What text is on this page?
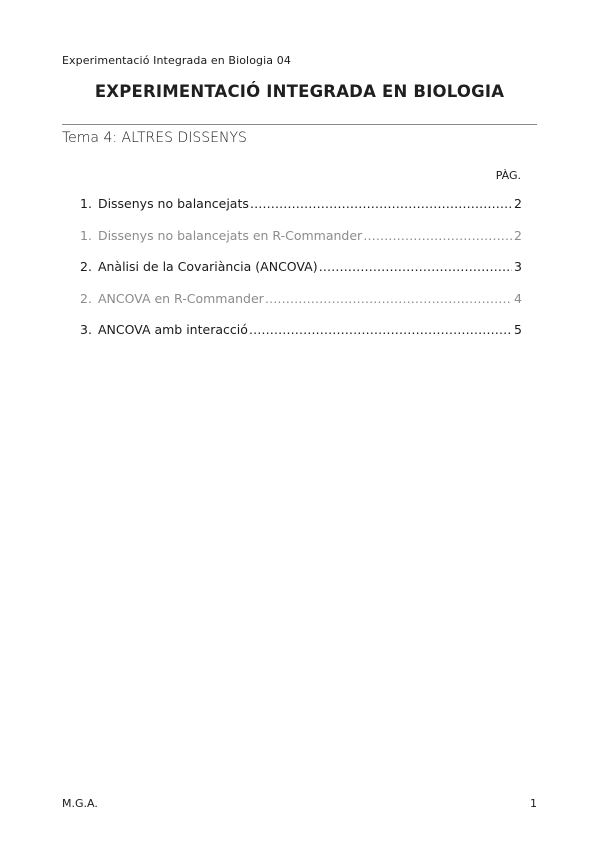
Experimentació Integrada en Biologia 04
EXPERIMENTACIÓ INTEGRADA EN BIOLOGIA
Tema 4: ALTRES DISSENYS
PÀG.
1. Dissenys no balancejats …………………………………………………………………………………………………………………………………	2
1. Dissenys no balancejats en R-Commander …………………………………………………………………………………………………………………………………	2
2. Anàlisi de la Covariància (ANCOVA) …………………………………………………………………………………………………………………………………	3
2. ANCOVA en R-Commander …………………………………………………………………………………………………………………………………	4
3. ANCOVA amb interacció …………………………………………………………………………………………………………………………………	5
M.G.A.	1
